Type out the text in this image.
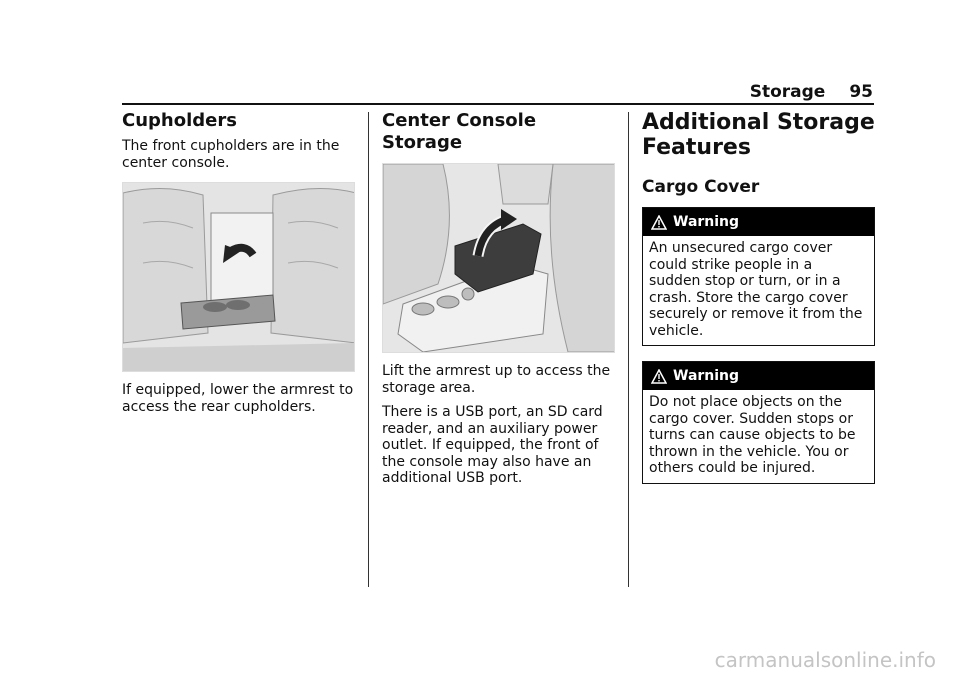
Storage 95
Cupholders

The front cupholders are in the center console.

If equipped, lower the armrest to access the rear cupholders.

Center Console Storage

Lift the armrest up to access the storage area.

There is a USB port, an SD card reader, and an auxiliary power outlet. If equipped, the front of the console may also have an additional USB port.

Additional Storage Features
Cargo Cover
Warning

An unsecured cargo cover could strike people in a sudden stop or turn, or in a crash. Store the cargo cover securely or remove it from the vehicle.

Warning

Do not place objects on the cargo cover. Sudden stops or turns can cause objects to be thrown in the vehicle. You or others could be injured.

carmanualsonline.info
